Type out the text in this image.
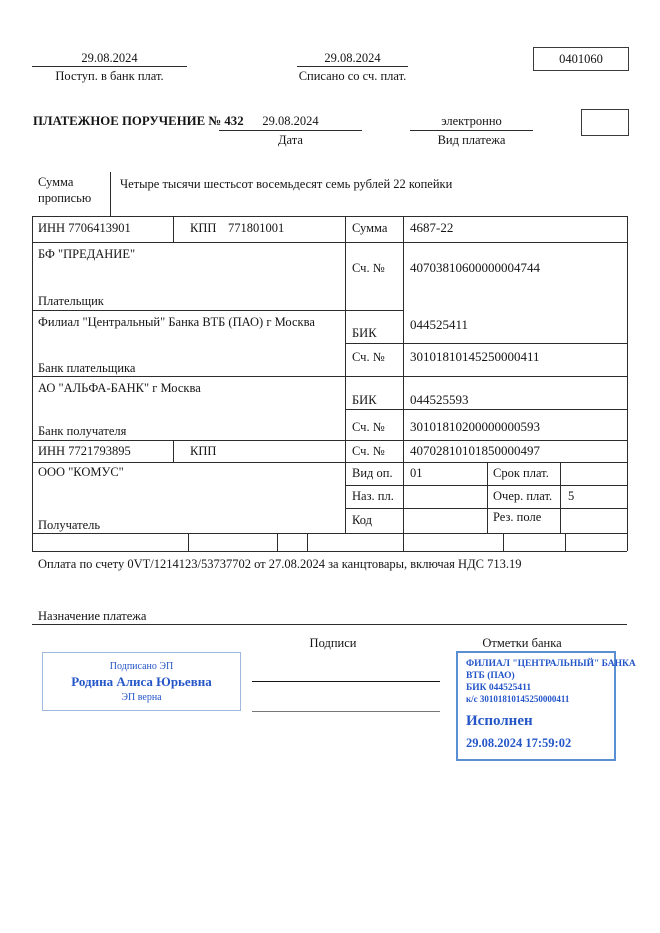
29.08.2024
Поступ. в банк плат.
29.08.2024
Списано со сч. плат.
0401060
ПЛАТЕЖНОЕ ПОРУЧЕНИЕ № 432	29.08.2024
Дата
электронно
Вид платежа
Сумма
прописью
Четыре тысячи шестьсот восемьдесят семь рублей 22 копейки
ИНН 7706413901	КПП 771801001	Сумма 4687-22
БФ "ПРЕДАНИЕ"
Сч. № 40703810600000004744
Плательщик
Филиал "Центральный" Банка ВТБ (ПАО) г Москва
БИК
044525411
Сч. № 30101810145250000411
Банк плательщика
АО "АЛЬФА-БАНК" г Москва
БИК	044525593
Сч. № 30101810200000000593
Банк получателя
ИНН 7721793895	КПП	Сч. № 40702810101850000497
ООО "КОМУС"	Вид оп. 01	Срок плат.
Наз. пл.	Очер. плат. 5
Код	Рез. поле
Получатель
Оплата по счету 0VT/1214123/53737702 от 27.08.2024 за канцтовары, включая НДС 713.19
Назначение платежа
Подписи	Отметки банка
Подписано ЭП
Родина Алиса Юрьевна
ЭП верна
ФИЛИАЛ "ЦЕНТРАЛЬНЫЙ" БАНКА
ВТБ (ПАО)
БИК 044525411
к/с 30101810145250000411
Исполнен
29.08.2024 17:59:02
